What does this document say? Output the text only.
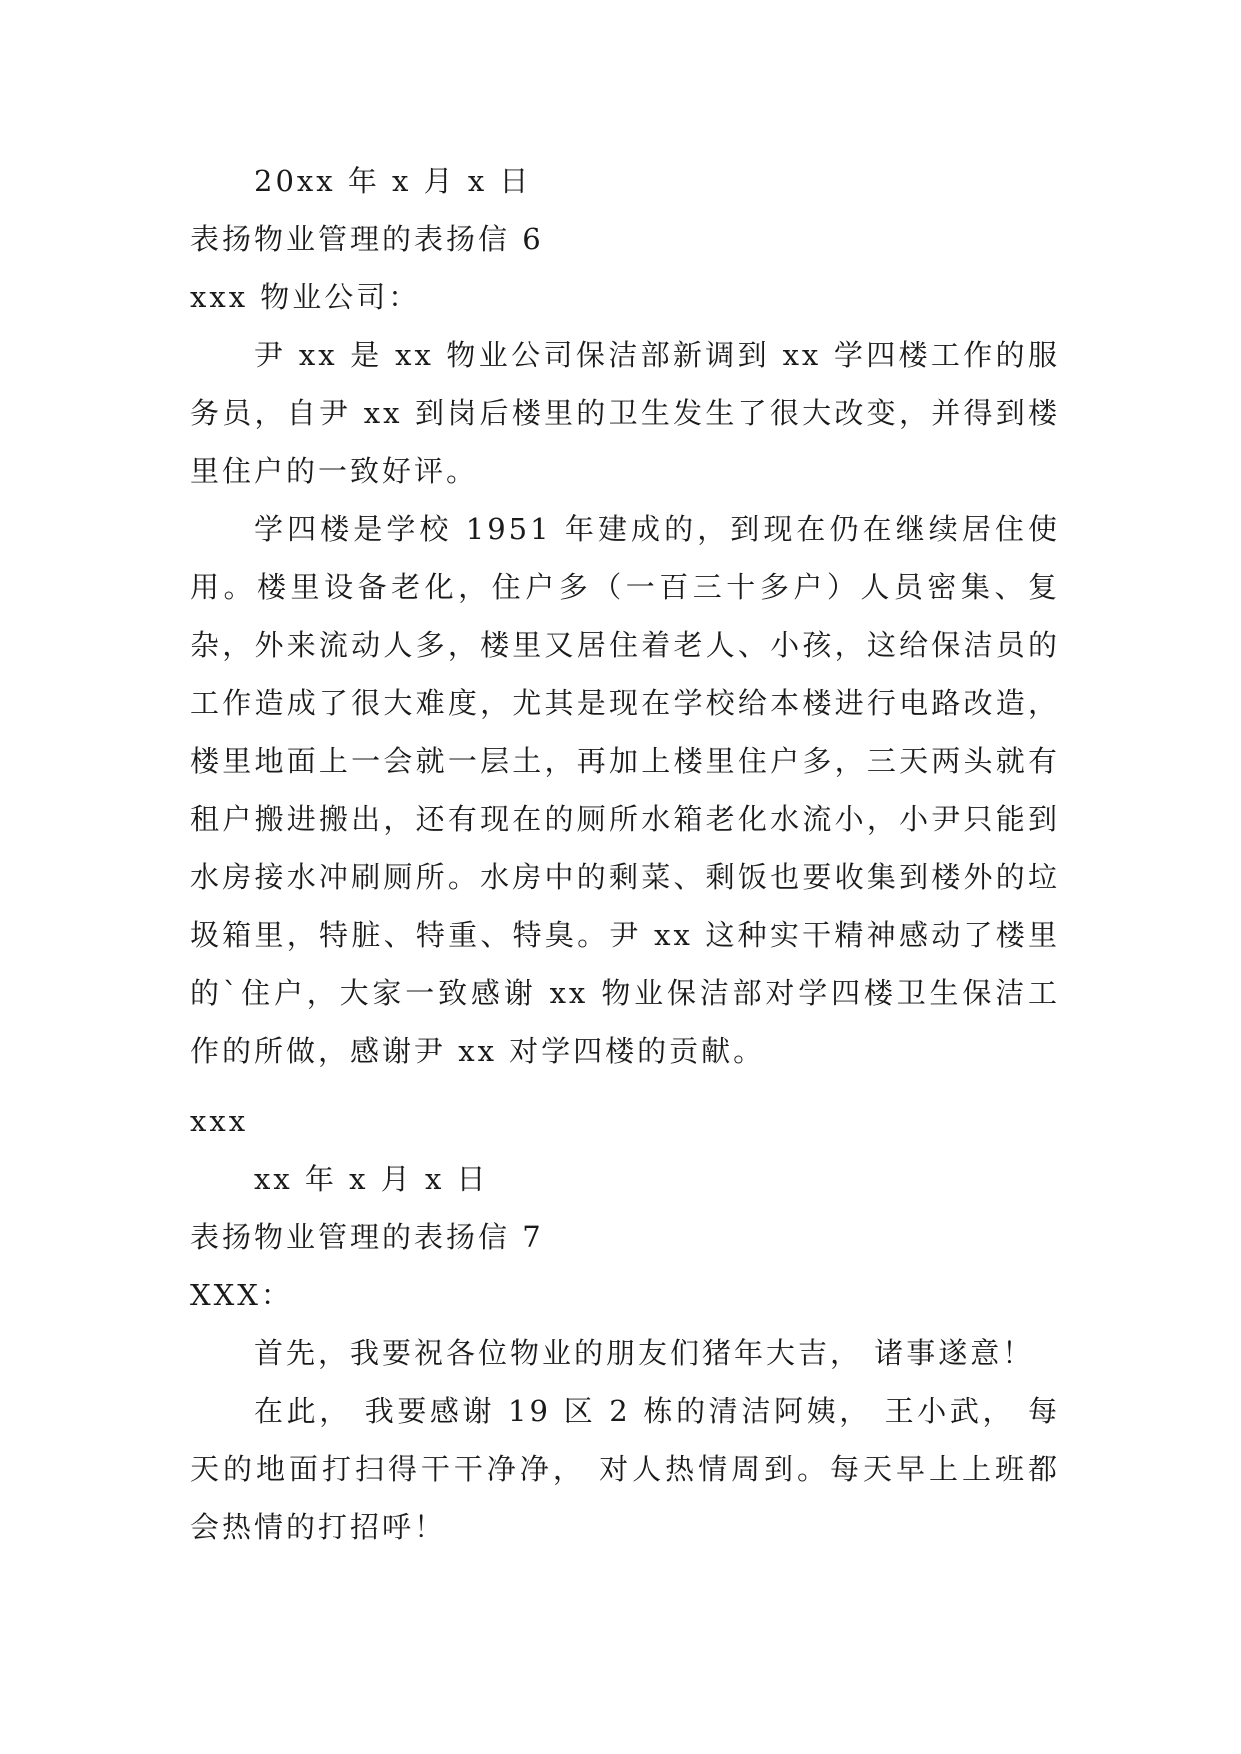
20xx 年 x 月 x 日
表扬物业管理的表扬信 6
xxx 物业公司：
尹 xx 是 xx 物业公司保洁部新调到 xx 学四楼工作的服务员，自尹 xx 到岗后楼里的卫生发生了很大改变，并得到楼里住户的一致好评。
学四楼是学校 1951 年建成的，到现在仍在继续居住使用。楼里设备老化，住户多（一百三十多户）人员密集、复杂，外来流动人多，楼里又居住着老人、小孩，这给保洁员的工作造成了很大难度，尤其是现在学校给本楼进行电路改造，楼里地面上一会就一层土，再加上楼里住户多，三天两头就有租户搬进搬出，还有现在的厕所水箱老化水流小，小尹只能到水房接水冲刷厕所。水房中的剩菜、剩饭也要收集到楼外的垃圾箱里，特脏、特重、特臭。尹 xx 这种实干精神感动了楼里的`住户，大家一致感谢 xx 物业保洁部对学四楼卫生保洁工作的所做，感谢尹 xx 对学四楼的贡献。
xxx
xx 年 x 月 x 日
表扬物业管理的表扬信 7
XXX：
首先，我要祝各位物业的朋友们猪年大吉， 诸事遂意！
在此， 我要感谢 19 区 2 栋的清洁阿姨， 王小武， 每天的地面打扫得干干净净， 对人热情周到。每天早上上班都会热情的打招呼！
